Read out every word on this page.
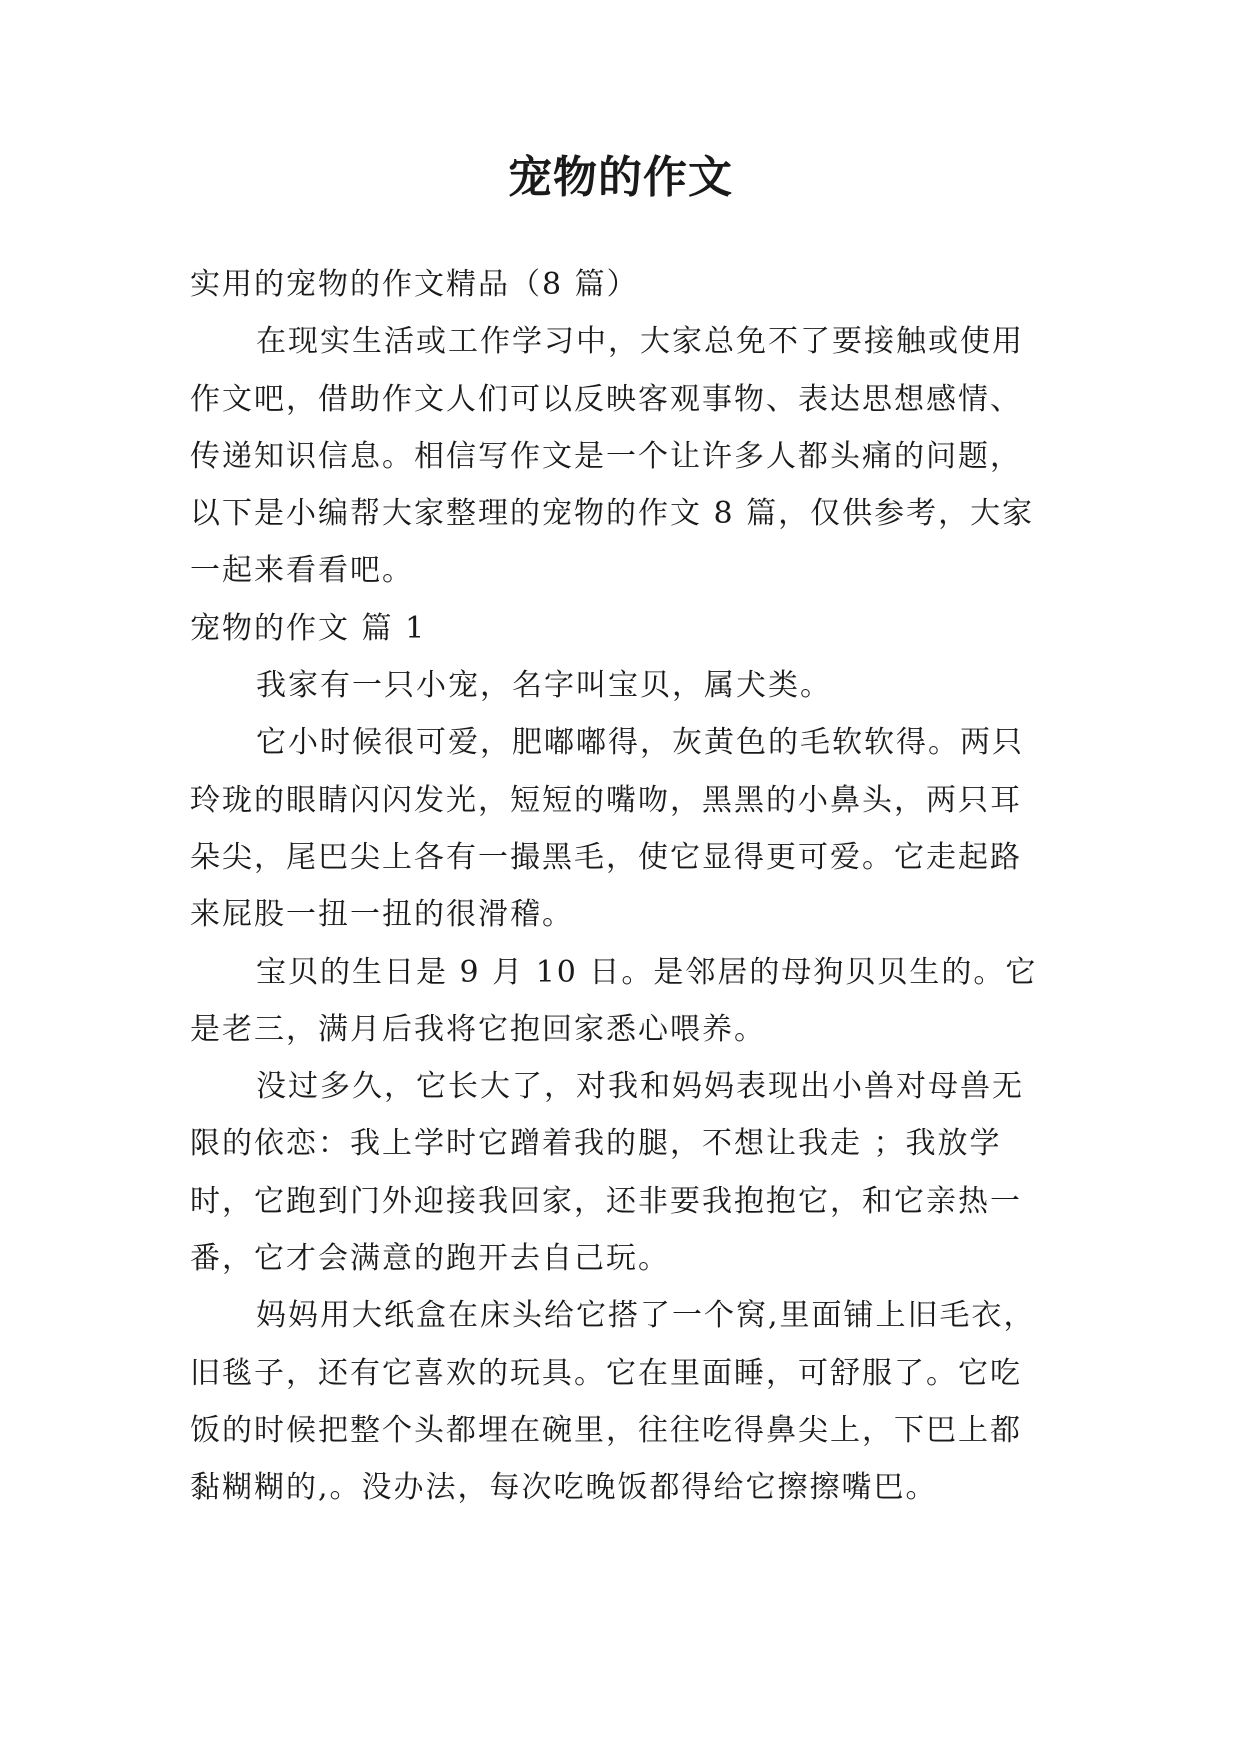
宠物的作文
实用的宠物的作文精品（8 篇）
在现实生活或工作学习中，大家总免不了要接触或使用
作文吧，借助作文人们可以反映客观事物、表达思想感情、
传递知识信息。相信写作文是一个让许多人都头痛的问题，
以下是小编帮大家整理的宠物的作文 8 篇，仅供参考，大家
一起来看看吧。
宠物的作文 篇 1
我家有一只小宠，名字叫宝贝，属犬类。
它小时候很可爱，肥嘟嘟得，灰黄色的毛软软得。两只
玲珑的眼睛闪闪发光，短短的嘴吻，黑黑的小鼻头，两只耳
朵尖，尾巴尖上各有一撮黑毛，使它显得更可爱。它走起路
来屁股一扭一扭的很滑稽。
宝贝的生日是 9 月 10 日。是邻居的母狗贝贝生的。它
是老三，满月后我将它抱回家悉心喂养。
没过多久，它长大了，对我和妈妈表现出小兽对母兽无
限的依恋：我上学时它蹭着我的腿，不想让我走 ；我放学
时，它跑到门外迎接我回家，还非要我抱抱它，和它亲热一
番，它才会满意的跑开去自己玩。
妈妈用大纸盒在床头给它搭了一个窝,里面铺上旧毛衣，
旧毯子，还有它喜欢的玩具。它在里面睡，可舒服了。它吃
饭的时候把整个头都埋在碗里，往往吃得鼻尖上，下巴上都
黏糊糊的,。没办法，每次吃晚饭都得给它擦擦嘴巴。
